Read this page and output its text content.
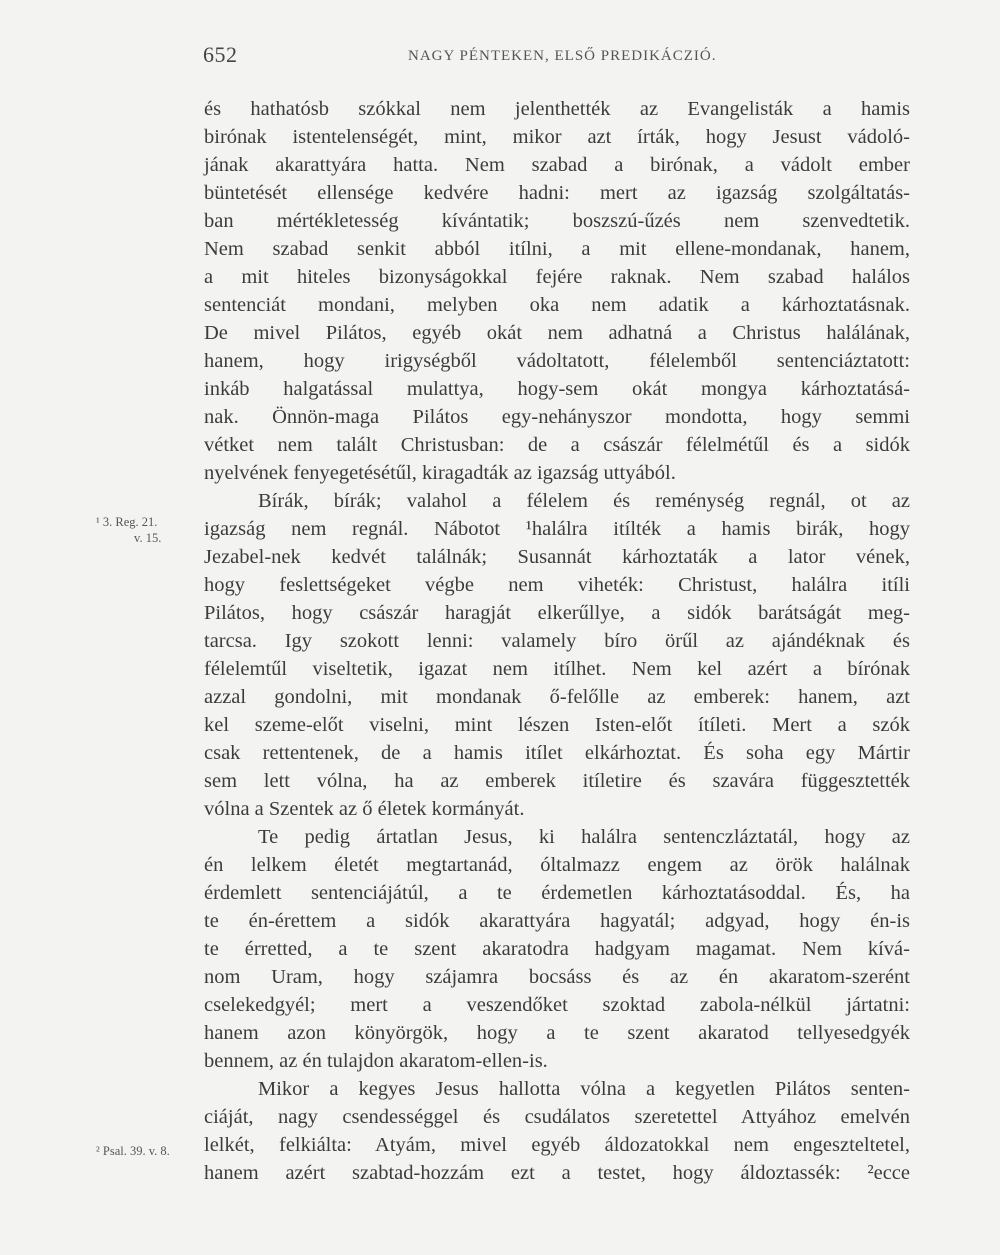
652	NAGY PÉNTEKEN, ELSŐ PREDIKÁCZIÓ.
¹ 3. Reg. 21.
v. 15.
² Psal. 39. v. 8.
és hathatósb szókkal nem jelenthették az Evangelisták a hamis
birónak istentelenségét, mint, mikor azt írták, hogy Jesust vádoló-
jának akarattyára hatta. Nem szabad a birónak, a vádolt ember
büntetését ellensége kedvére hadni: mert az igazság szolgáltatás-
ban mértékletesség kívántatik; boszszú-űzés nem szenvedtetik.
Nem szabad senkit abból itílni, a mit ellene-mondanak, hanem,
a mit hiteles bizonyságokkal fejére raknak. Nem szabad halálos
sentenciát mondani, melyben oka nem adatik a kárhoztatásnak.
De mivel Pilátos, egyéb okát nem adhatná a Christus halálának,
hanem, hogy irigységből vádoltatott, félelemből sentenciáztatott:
inkáb halgatással mulattya, hogy-sem okát mongya kárhoztatásá-
nak. Önnön-maga Pilátos egy-nehányszor mondotta, hogy semmi
vétket nem talált Christusban: de a császár félelmétűl és a sidók
nyelvének fenyegetésétűl, kiragadták az igazság uttyából.
Bírák, bírák; valahol a félelem és reménység regnál, ot az
igazság nem regnál. Nábotot ¹halálra itílték a hamis birák, hogy
Jezabel-nek kedvét találnák; Susannát kárhoztaták a lator vének,
hogy feslettségeket végbe nem viheték: Christust, halálra itíli
Pilátos, hogy császár haragját elkerűllye, a sidók barátságát meg-
tarcsa. Igy szokott lenni: valamely bíro örűl az ajándéknak és
félelemtűl viseltetik, igazat nem itílhet. Nem kel azért a bírónak
azzal gondolni, mit mondanak ő-felőlle az emberek: hanem, azt
kel szeme-előt viselni, mint lészen Isten-előt ítíleti. Mert a szók
csak rettentenek, de a hamis itílet elkárhoztat. És soha egy Mártir
sem lett vólna, ha az emberek itíletire és szavára függesztették
vólna a Szentek az ő életek kormányát.
Te pedig ártatlan Jesus, ki halálra sentenczláztatál, hogy az
én lelkem életét megtartanád, óltalmazz engem az örök halálnak
érdemlett sentenciájátúl, a te érdemetlen kárhoztatásoddal. És, ha
te én-érettem a sidók akarattyára hagyatál; adgyad, hogy én-is
te érretted, a te szent akaratodra hadgyam magamat. Nem kívá-
nom Uram, hogy szájamra bocsáss és az én akaratom-szerént
cselekedgyél; mert a veszendőket szoktad zabola-nélkül jártatni:
hanem azon könyörgök, hogy a te szent akaratod tellyesedgyék
bennem, az én tulajdon akaratom-ellen-is.
Mikor a kegyes Jesus hallotta vólna a kegyetlen Pilátos senten-
ciáját, nagy csendességgel és csudálatos szeretettel Attyához emelvén
lelkét, felkiálta: Atyám, mivel egyéb áldozatokkal nem engeszteltetel,
hanem azért szabtad-hozzám ezt a testet, hogy áldoztassék: ²ecce
